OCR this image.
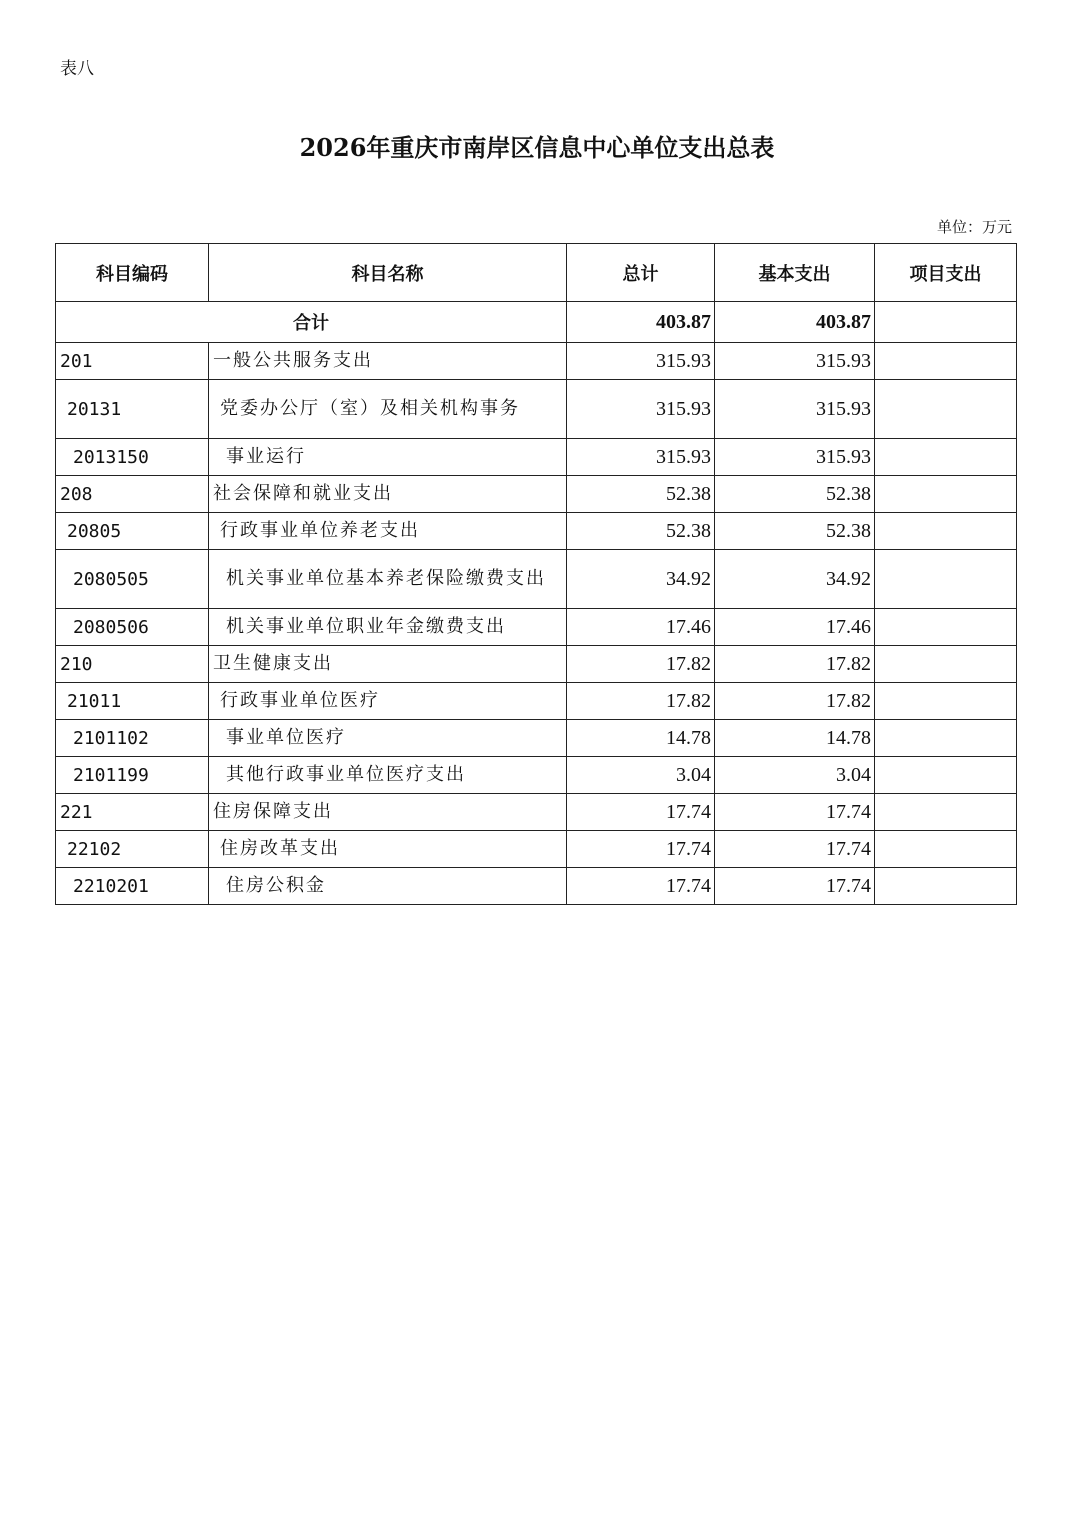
表八
2026年重庆市南岸区信息中心单位支出总表
单位：万元
科目编码	科目名称	总计	基本支出	项目支出
合计		403.87	403.87	
201	一般公共服务支出	315.93	315.93	
20131	党委办公厅（室）及相关机构事务	315.93	315.93	
2013150	事业运行	315.93	315.93	
208	社会保障和就业支出	52.38	52.38	
20805	行政事业单位养老支出	52.38	52.38	
2080505	机关事业单位基本养老保险缴费支出	34.92	34.92	
2080506	机关事业单位职业年金缴费支出	17.46	17.46	
210	卫生健康支出	17.82	17.82	
21011	行政事业单位医疗	17.82	17.82	
2101102	事业单位医疗	14.78	14.78	
2101199	其他行政事业单位医疗支出	3.04	3.04	
221	住房保障支出	17.74	17.74	
22102	住房改革支出	17.74	17.74	
2210201	住房公积金	17.74	17.74	
